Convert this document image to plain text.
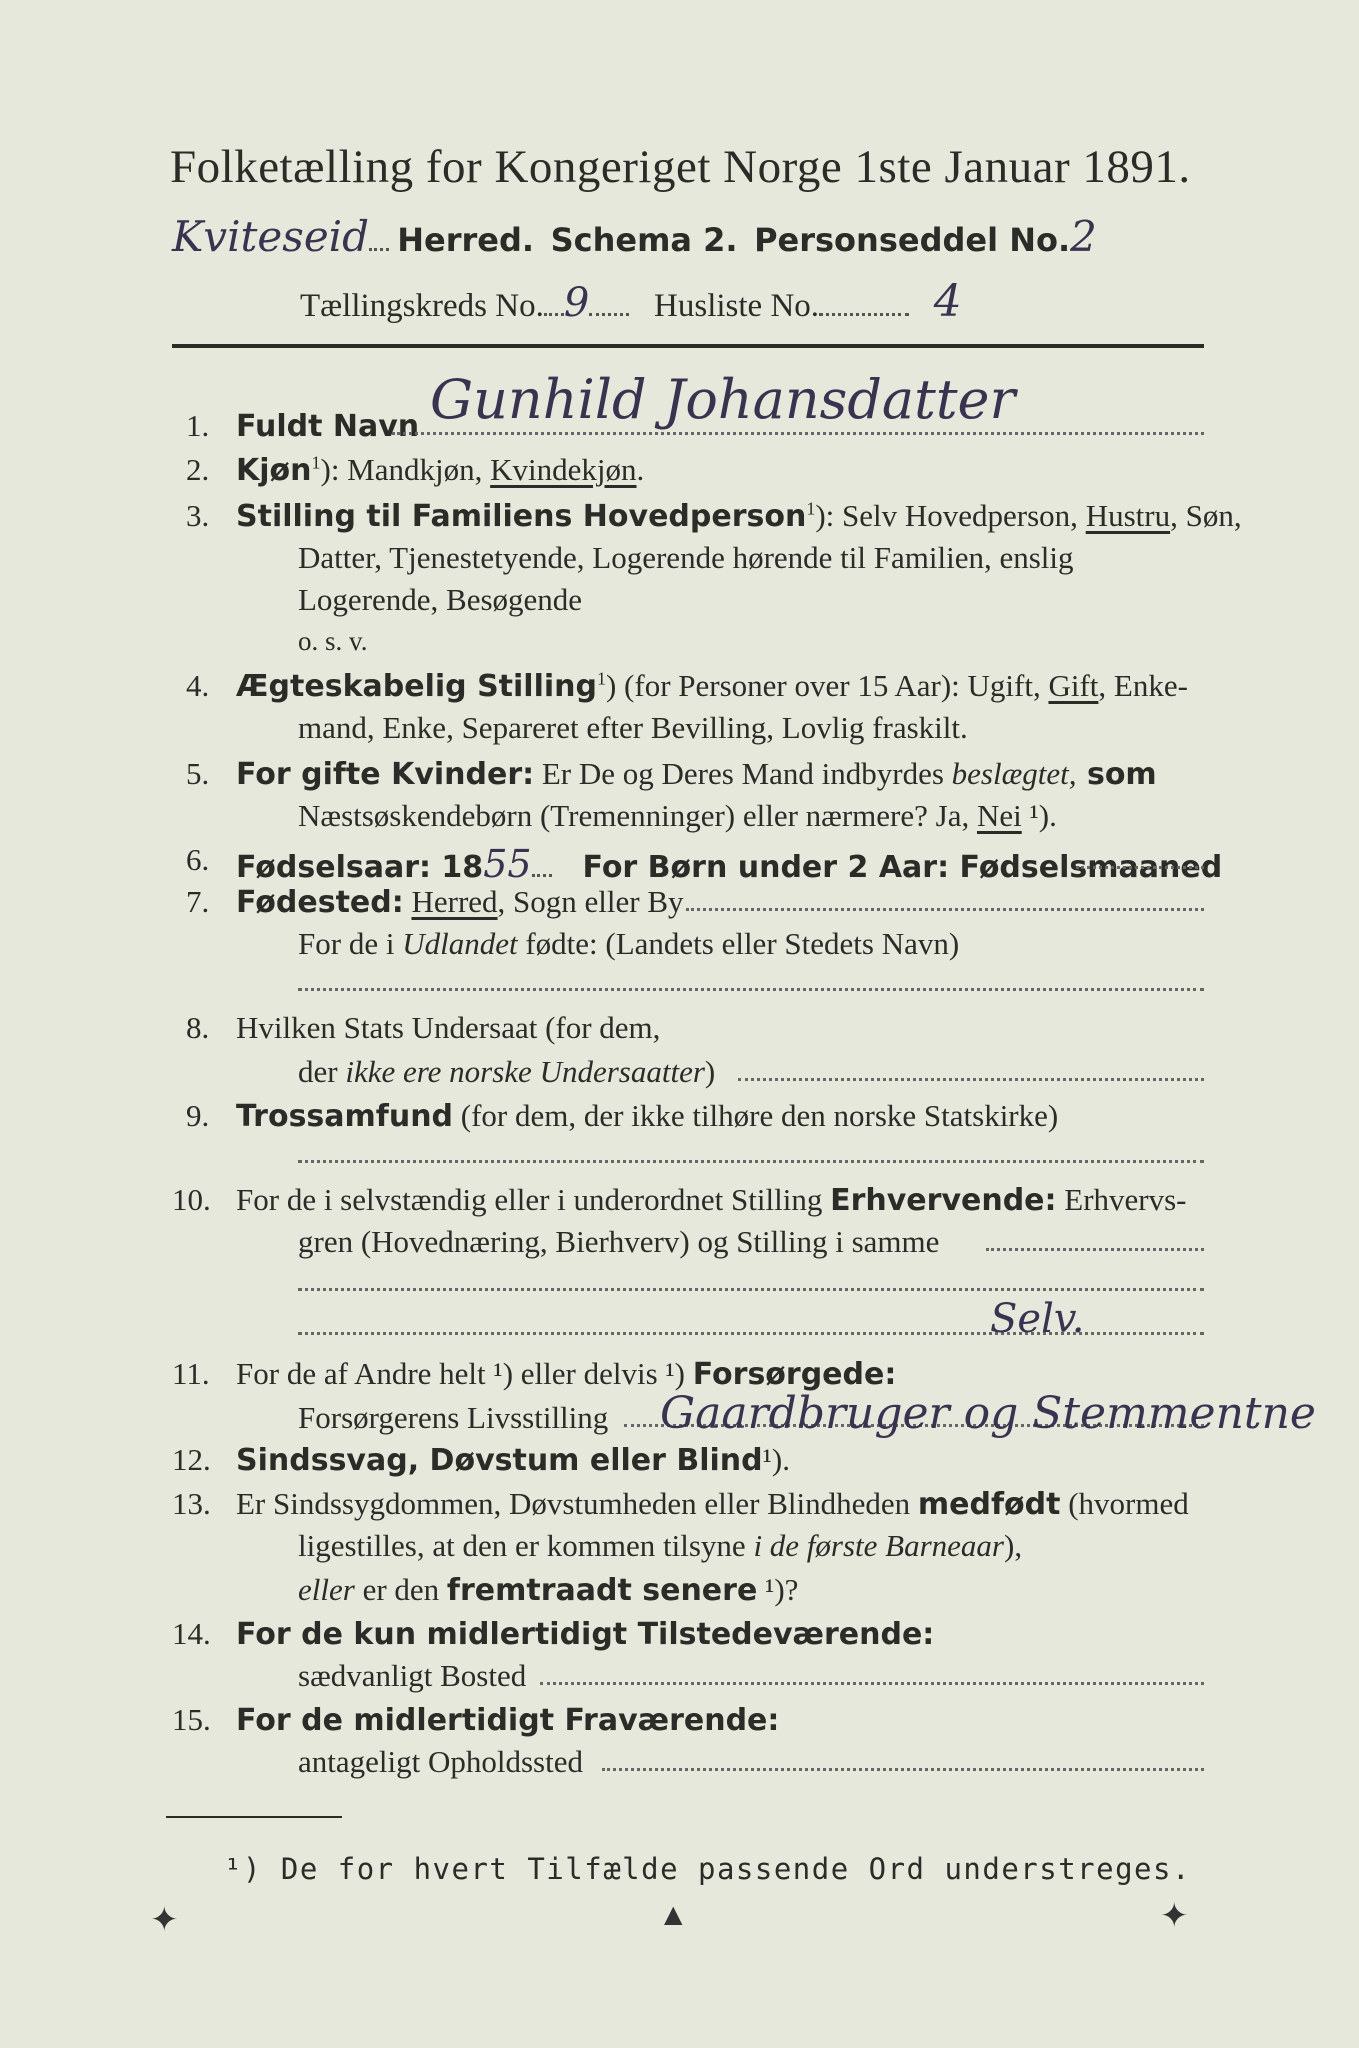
Folketælling for Kongeriget Norge 1ste Januar 1891.
Kviteseid Herred. Schema 2. Personseddel No.2
Tællingskreds No. 9 Husliste No.	4
1. Fuldt Navn Gunhild Johansdatter
2. Kjøn$^1$): Mandkjøn, Kvindekjøn.
3. Stilling til Familiens Hovedperson$^1$): Selv Hovedperson, Hustru, Søn,
Datter, Tjenestetyende, Logerende hørende til Familien, enslig
Logerende, Besøgende
o. s. v.
4. Ægteskabelig Stilling$^1$) (for Personer over 15 Aar): Ugift, Gift, Enke-
mand, Enke, Separeret efter Bevilling, Lovlig fraskilt.
5. For gifte Kvinder: Er De og Deres Mand indbyrdes beslægtet, som
Næstsøskendebørn (Tremenninger) eller nærmere? Ja, Nei ¹).
6. Fødselsaar: 1855 For Børn under 2 Aar: Fødselsmaaned
7. Fødested: Herred, Sogn eller By
For de i Udlandet fødte: (Landets eller Stedets Navn)
8. Hvilken Stats Undersaat (for dem,
der ikke ere norske Undersaatter)
9. Trossamfund (for dem, der ikke tilhøre den norske Statskirke)
10. For de i selvstændig eller i underordnet Stilling Erhvervende: Erhvervs-
gren (Hovednæring, Bierhverv) og Stilling i samme
Selv.
11. For de af Andre helt ¹) eller delvis ¹) Forsørgede:
Forsørgerens Livsstilling Gaardbruger og Stemmentne
12. Sindssvag, Døvstum eller Blind¹).
13. Er Sindssygdommen, Døvstumheden eller Blindheden medfødt (hvormed
ligestilles, at den er kommen tilsyne i de første Barneaar),
eller er den fremtraadt senere ¹)?
14. For de kun midlertidigt Tilstedeværende:
sædvanligt Bosted
15. For de midlertidigt Fraværende:
antageligt Opholdssted
¹) De for hvert Tilfælde passende Ord understreges.
✦	▲	✦
